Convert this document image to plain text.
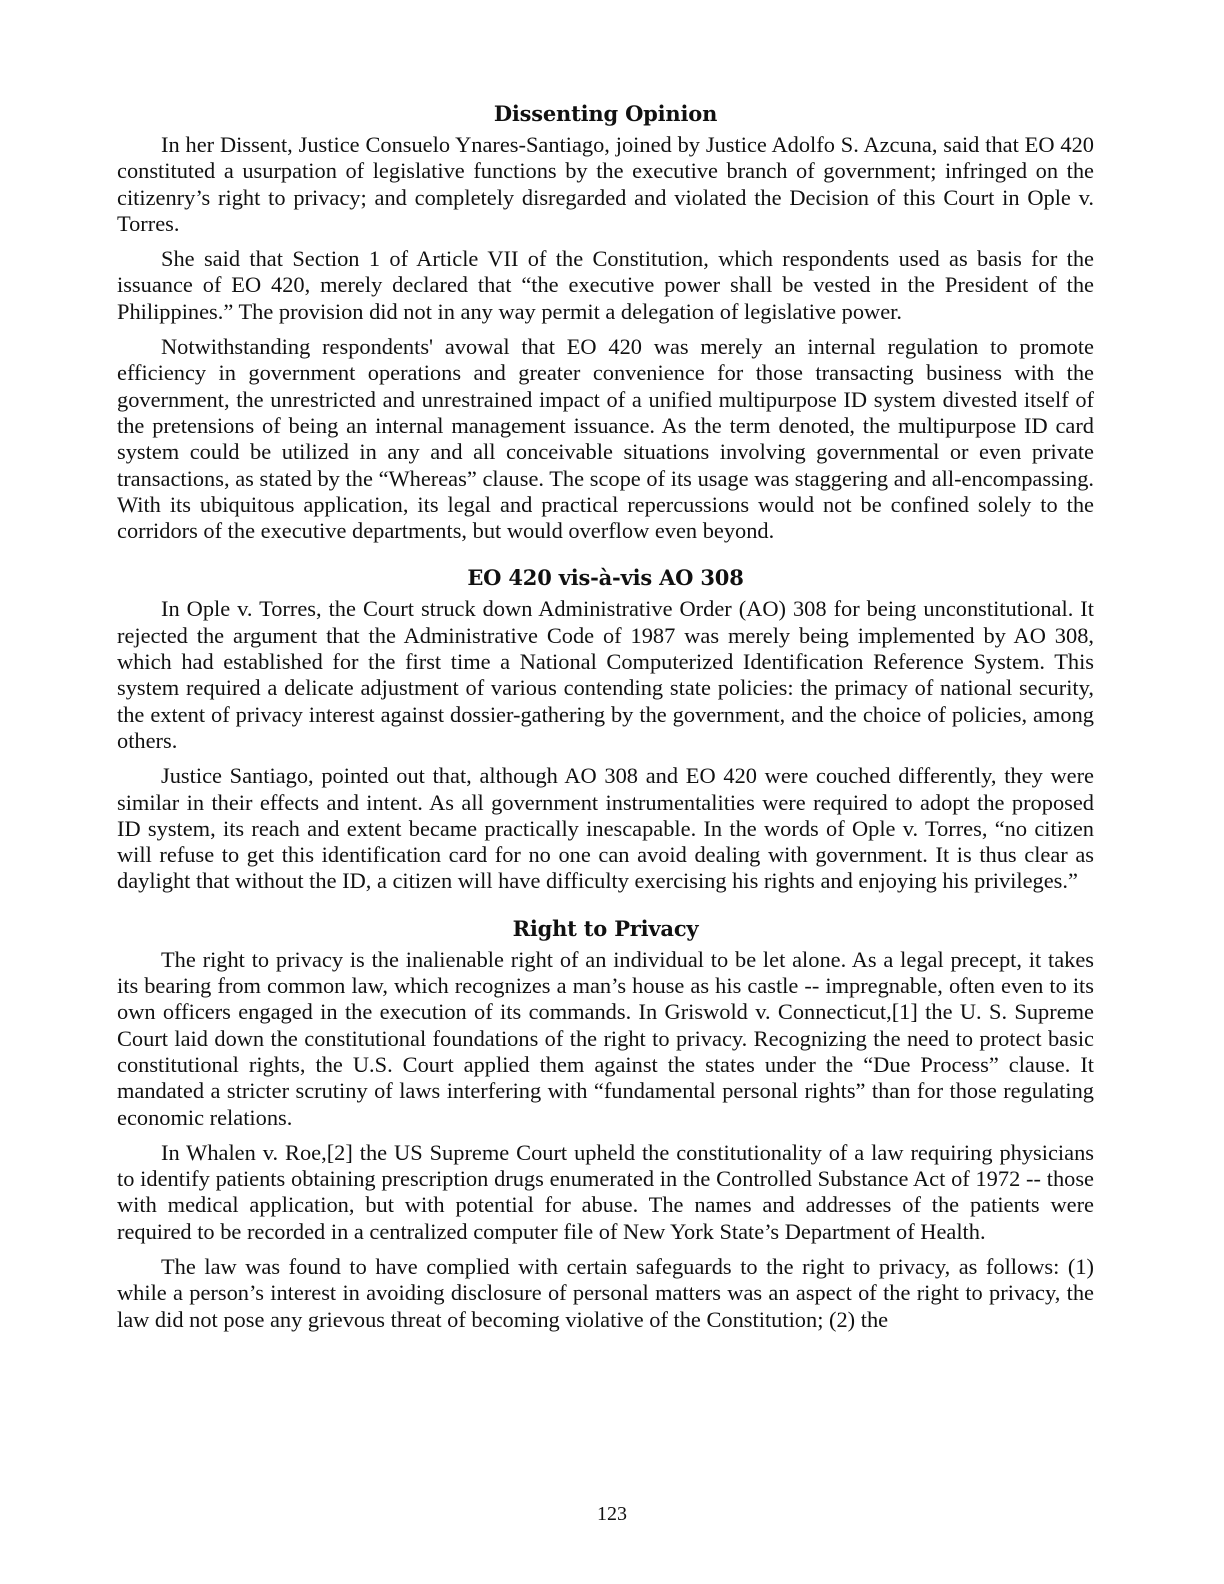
Dissenting Opinion

In her Dissent, Justice Consuelo Ynares-Santiago, joined by Justice Adolfo S. Azcuna, said that EO 420 constituted a usurpation of legislative functions by the executive branch of government; infringed on the citizenry’s right to privacy; and completely disregarded and violated the Decision of this Court in Ople v. Torres.

She said that Section 1 of Article VII of the Constitution, which respondents used as basis for the issuance of EO 420, merely declared that “the executive power shall be vested in the President of the Philippines.” The provision did not in any way permit a delegation of legislative power.

Notwithstanding respondents' avowal that EO 420 was merely an internal regulation to promote efficiency in government operations and greater convenience for those transacting business with the government, the unrestricted and unrestrained impact of a unified multipurpose ID system divested itself of the pretensions of being an internal management issuance. As the term denoted, the multipurpose ID card system could be utilized in any and all conceivable situations involving governmental or even private transactions, as stated by the “Whereas” clause. The scope of its usage was staggering and all-encompassing. With its ubiquitous application, its legal and practical repercussions would not be confined solely to the corridors of the executive departments, but would overflow even beyond.

EO 420 vis-à-vis AO 308

In Ople v. Torres, the Court struck down Administrative Order (AO) 308 for being unconstitutional. It rejected the argument that the Administrative Code of 1987 was merely being implemented by AO 308, which had established for the first time a National Computerized Identification Reference System. This system required a delicate adjustment of various contending state policies: the primacy of national security, the extent of privacy interest against dossier-gathering by the government, and the choice of policies, among others.

Justice Santiago, pointed out that, although AO 308 and EO 420 were couched differently, they were similar in their effects and intent. As all government instrumentalities were required to adopt the proposed ID system, its reach and extent became practically inescapable. In the words of Ople v. Torres, “no citizen will refuse to get this identification card for no one can avoid dealing with government. It is thus clear as daylight that without the ID, a citizen will have difficulty exercising his rights and enjoying his privileges.”

Right to Privacy

The right to privacy is the inalienable right of an individual to be let alone. As a legal precept, it takes its bearing from common law, which recognizes a man’s house as his castle -- impregnable, often even to its own officers engaged in the execution of its commands. In Griswold v. Connecticut,[1] the U. S. Supreme Court laid down the constitutional foundations of the right to privacy. Recognizing the need to protect basic constitutional rights, the U.S. Court applied them against the states under the “Due Process” clause. It mandated a stricter scrutiny of laws interfering with “fundamental personal rights” than for those regulating economic relations.

In Whalen v. Roe,[2] the US Supreme Court upheld the constitutionality of a law requiring physicians to identify patients obtaining prescription drugs enumerated in the Controlled Substance Act of 1972 -- those with medical application, but with potential for abuse. The names and addresses of the patients were required to be recorded in a centralized computer file of New York State’s Department of Health.

The law was found to have complied with certain safeguards to the right to privacy, as follows: (1) while a person’s interest in avoiding disclosure of personal matters was an aspect of the right to privacy, the law did not pose any grievous threat of becoming violative of the Constitution; (2) the

123
